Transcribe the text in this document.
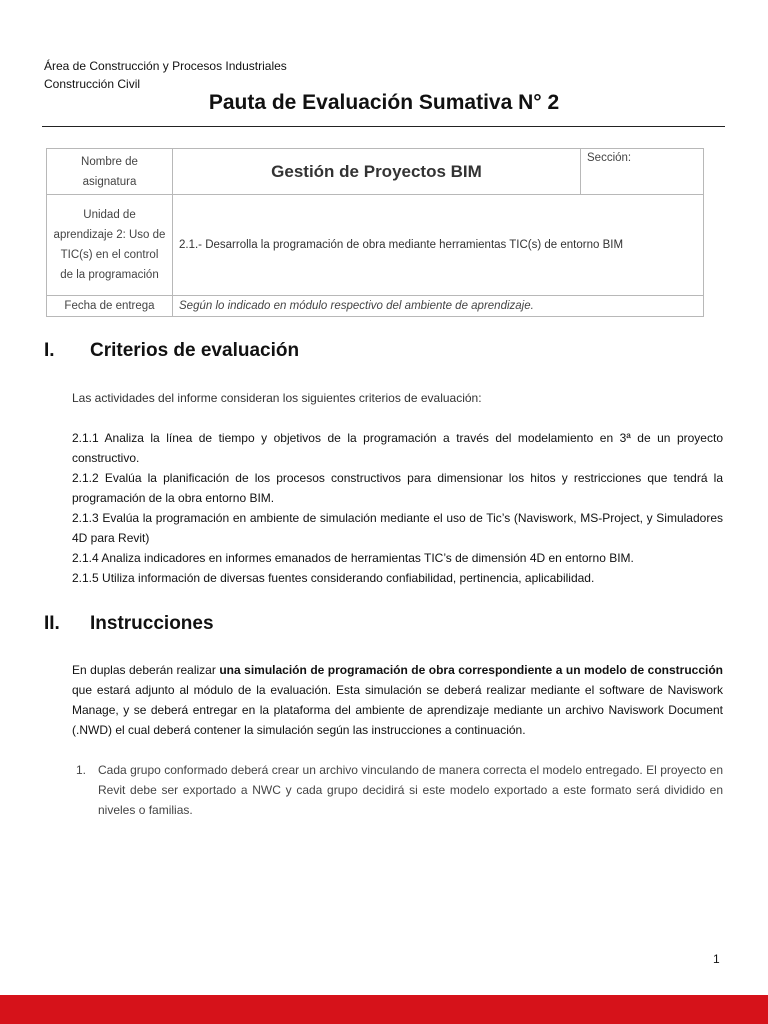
Área de Construcción y Procesos Industriales
Construcción Civil
Pauta de Evaluación Sumativa N° 2
Nombre de asignatura	Gestión de Proyectos BIM	Sección:
Unidad de aprendizaje 2: Uso de TIC(s) en el control de la programación	2.1.- Desarrolla la programación de obra mediante herramientas TIC(s) de entorno BIM	
Fecha de entrega	Según lo indicado en módulo respectivo del ambiente de aprendizaje.	
I. Criterios de evaluación
Las actividades del informe consideran los siguientes criterios de evaluación:

2.1.1 Analiza la línea de tiempo y objetivos de la programación a través del modelamiento en 3ª de un proyecto constructivo.

2.1.2 Evalúa la planificación de los procesos constructivos para dimensionar los hitos y restricciones que tendrá la programación de la obra entorno BIM.

2.1.3 Evalúa la programación en ambiente de simulación mediante el uso de Tic’s (Naviswork, MS-Project, y Simuladores 4D para Revit)

2.1.4 Analiza indicadores en informes emanados de herramientas TIC’s de dimensión 4D en entorno BIM.

2.1.5 Utiliza información de diversas fuentes considerando confiabilidad, pertinencia, aplicabilidad.

II. Instrucciones
En duplas deberán realizar una simulación de programación de obra correspondiente a un modelo de construcción que estará adjunto al módulo de la evaluación. Esta simulación se deberá realizar mediante el software de Naviswork Manage, y se deberá entregar en la plataforma del ambiente de aprendizaje mediante un archivo Naviswork Document (.NWD) el cual deberá contener la simulación según las instrucciones a continuación.
1. Cada grupo conformado deberá crear un archivo vinculando de manera correcta el modelo entregado. El proyecto en Revit debe ser exportado a NWC y cada grupo decidirá si este modelo exportado a este formato será dividido en niveles o familias.
1
